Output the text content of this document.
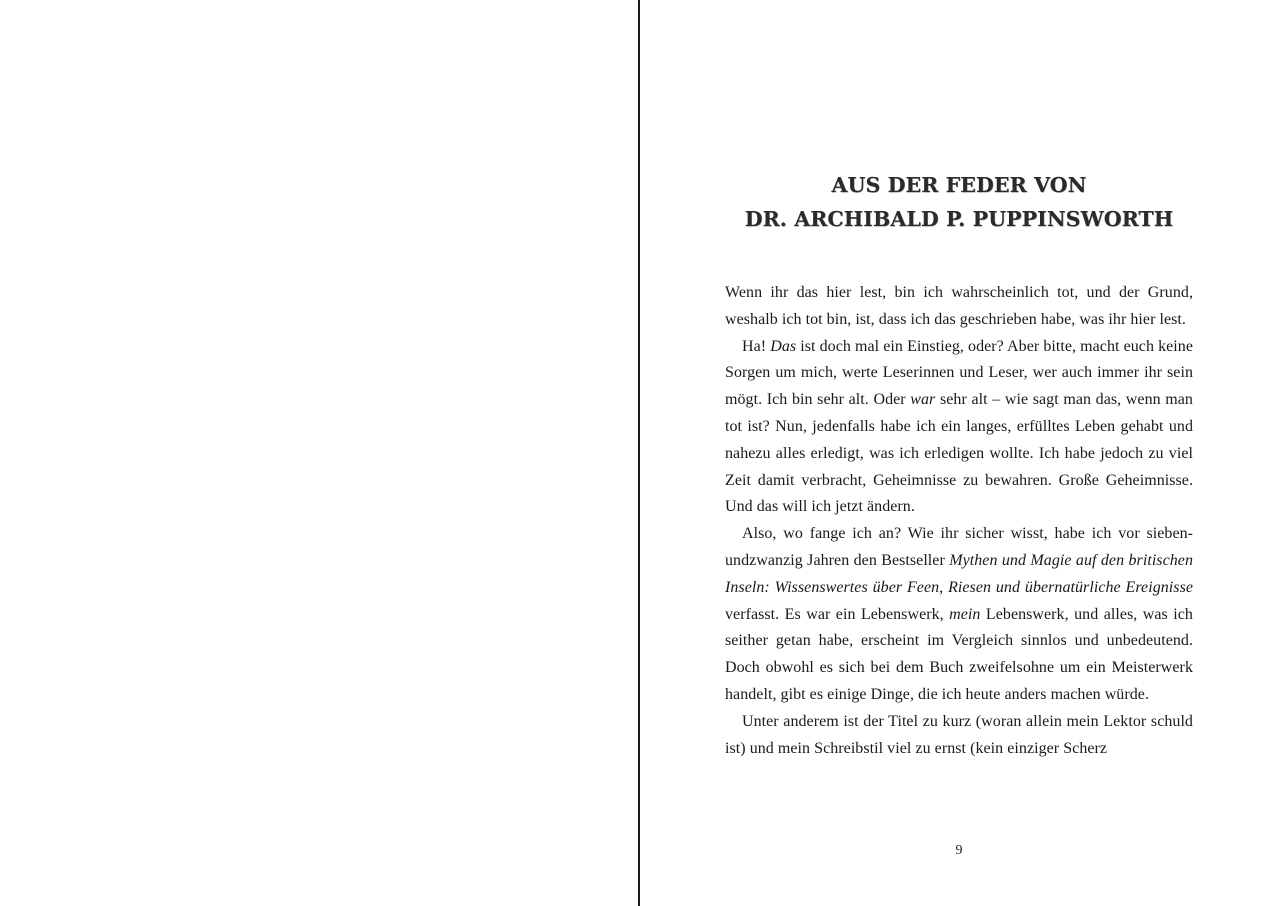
AUS DER FEDER VON
DR. ARCHIBALD P. PUPPINSWORTH

Wenn ihr das hier lest, bin ich wahrscheinlich tot, und der Grund, weshalb ich tot bin, ist, dass ich das geschrieben habe, was ihr hier lest.

Ha! Das ist doch mal ein Einstieg, oder? Aber bitte, macht euch keine Sorgen um mich, werte Leserinnen und Leser, wer auch immer ihr sein mögt. Ich bin sehr alt. Oder war sehr alt – wie sagt man das, wenn man tot ist? Nun, jedenfalls habe ich ein langes, erfülltes Leben gehabt und nahezu alles erledigt, was ich erledigen wollte. Ich habe jedoch zu viel Zeit damit verbracht, Geheimnisse zu bewahren. Große Geheimnisse. Und das will ich jetzt ändern.

Also, wo fange ich an? Wie ihr sicher wisst, habe ich vor siebenundzwanzig Jahren den Bestseller Mythen und Magie auf den britischen Inseln: Wissenswertes über Feen, Riesen und übernatürliche Ereignisse verfasst. Es war ein Lebenswerk, mein Lebenswerk, und alles, was ich seither getan habe, erscheint im Vergleich sinnlos und unbedeutend. Doch obwohl es sich bei dem Buch zweifelsohne um ein Meisterwerk handelt, gibt es einige Dinge, die ich heute anders machen würde.

Unter anderem ist der Titel zu kurz (woran allein mein Lektor schuld ist) und mein Schreibstil viel zu ernst (kein einziger Scherz

9
